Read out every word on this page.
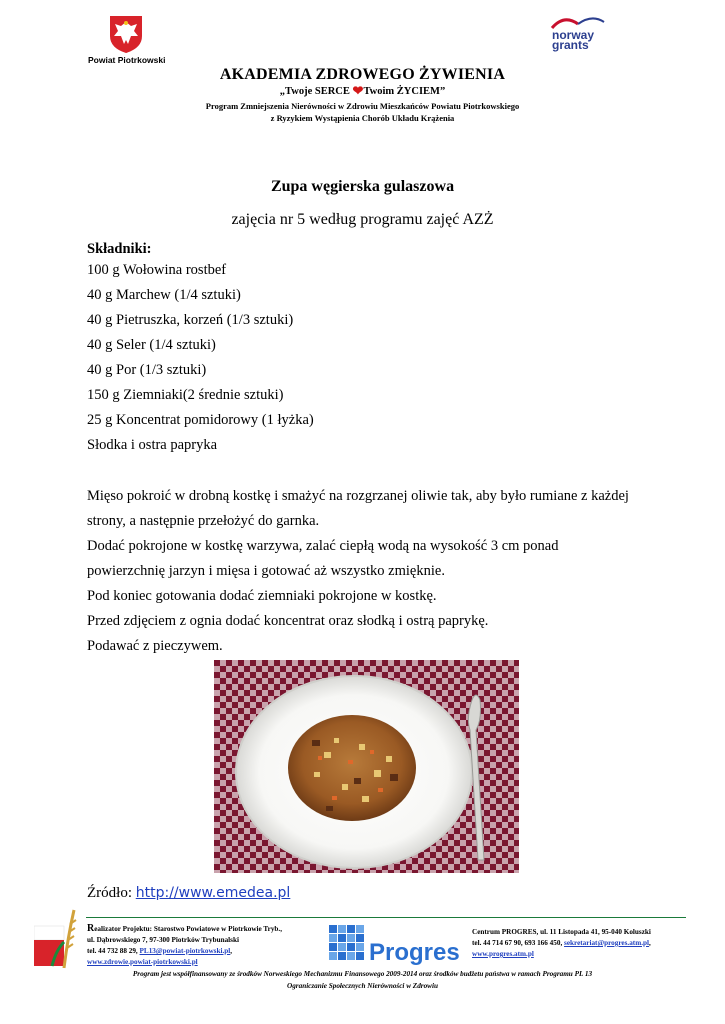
Powiat Piotrkowski
norway
grants
AKADEMIA ZDROWEGO ŻYWIENIA
„Twoje SERCE ❤Twoim ŻYCIEM”
Program Zmniejszenia Nierówności w Zdrowiu Mieszkańców Powiatu Piotrkowskiego
z Ryzykiem Wystąpienia Chorób Układu Krążenia
Zupa węgierska gulaszowa
zajęcia nr 5 według programu zajęć AZŻ
Składniki:
100 g Wołowina rostbef
40 g Marchew (1/4 sztuki)
40 g Pietruszka, korzeń (1/3 sztuki)
40 g Seler (1/4 sztuki)
40 g Por (1/3 sztuki)
150 g Ziemniaki(2 średnie sztuki)
25 g Koncentrat pomidorowy (1 łyżka)
Słodka i ostra papryka
Mięso pokroić w drobną kostkę i smażyć na rozgrzanej oliwie tak, aby było rumiane z każdej
strony, a następnie przełożyć do garnka.
Dodać pokrojone w kostkę warzywa, zalać ciepłą wodą na wysokość 3 cm ponad
powierzchnię jarzyn i mięsa i gotować aż wszystko zmięknie.
Pod koniec gotowania dodać ziemniaki pokrojone w kostkę.
Przed zdjęciem z ognia dodać koncentrat oraz słodką i ostrą paprykę.
Podawać z pieczywem.
Źródło: http://www.emedea.pl
Realizator Projektu: Starostwo Powiatowe w Piotrkowie Tryb.,
ul. Dąbrowskiego 7, 97-300 Piotrków Trybunalski
tel. 44 732 88 29, PL13@powiat-piotrkowski.pl,
www.zdrowie.powiat-piotrkowski.pl	Progres
Centrum PROGRES, ul. 11 Listopada 41, 95-040 Koluszki
tel. 44 714 67 90, 693 166 450, sekretariat@progres.atm.pl,
www.progres.atm.pl
Program jest współfinansowany ze środków Norweskiego Mechanizmu Finansowego 2009-2014 oraz środków budżetu państwa w ramach Programu PL 13
Ograniczanie Społecznych Nierówności w Zdrowiu
